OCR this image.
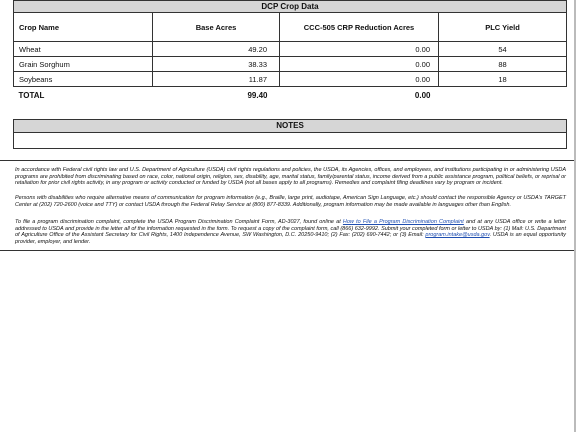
DCP Crop Data
Crop Name	Base Acres	CCC-505 CRP Reduction Acres	PLC Yield
Wheat	49.20	0.00	54
Grain Sorghum	38.33	0.00	88
Soybeans	11.87	0.00	18
TOTAL	99.40	0.00	
NOTES

In accordance with Federal civil rights law and U.S. Department of Agriculture (USDA) civil rights regulations and policies, the USDA, its Agencies, offices, and employees, and institutions participating in or administering USDA programs are prohibited from discriminating based on race, color, national origin, religion, sex, disability, age, marital status, family/parental status, income derived from a public assistance program, political beliefs, or reprisal or retaliation for prior civil rights activity, in any program or activity conducted or funded by USDA (not all bases apply to all programs). Remedies and complaint filing deadlines vary by program or incident.

Persons with disabilities who require alternative means of communication for program information (e.g., Braille, large print, audiotape, American Sign Language, etc.) should contact the responsible Agency or USDA's TARGET Center at (202) 720-2600 (voice and TTY) or contact USDA through the Federal Relay Service at (800) 877-8339. Additionally, program information may be made available in languages other than English.

To file a program discrimination complaint, complete the USDA Program Discrimination Complaint Form, AD-3027, found online at How to File a Program Discrimination Complaint and at any USDA office or write a letter addressed to USDA and provide in the letter all of the information requested in the form. To request a copy of the complaint form, call (866) 632-9992. Submit your completed form or letter to USDA by: (1) Mail: U.S. Department of Agriculture Office of the Assistant Secretary for Civil Rights, 1400 Independence Avenue, SW Washington, D.C. 20250-9410; (2) Fax: (202) 690-7442; or (3) Email: program.intake@usda.gov. USDA is an equal opportunity provider, employer, and lender.
